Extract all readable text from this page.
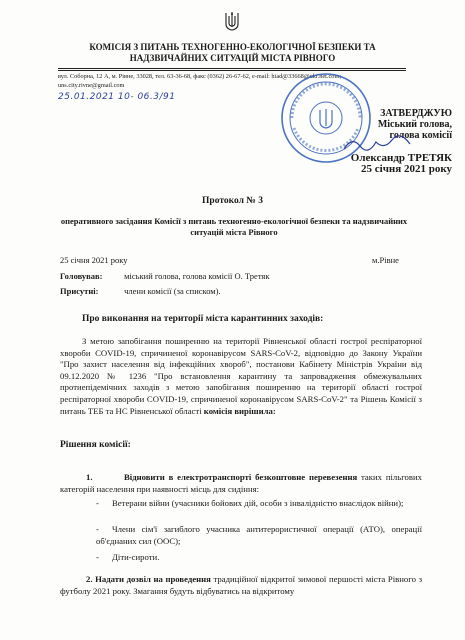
КОМІСІЯ З ПИТАНЬ ТЕХНОГЕННО-ЕКОЛОГІЧНОЇ БЕЗПЕКИ ТА НАДЗВИЧАЙНИХ СИТУАЦІЙ МІСТА РІВНОГО
вул. Соборна, 12 А, м. Рівне, 33028, тел. 63-36-68, факс (0362) 26-67-62, e-mail: hiad@33668@ukr.net.com;
uns.city.rivne@gmail.com
25.01.2021 10- 06.3/91
ЗАТВЕРДЖУЮ
Міський голова,
голова комісії
Олександр ТРЕТЯК
25 січня 2021 року
Протокол № 3
оперативного засідання Комісії з питань техногенно-екологічної безпеки та надзвичайних ситуацій міста Рівного
25 січня 2021 року	м.Рівне
Головував:	міський голова, голова комісії О. Третяк
Присутні:	члени комісії (за списком).
Про виконання на території міста карантинних заходів:
З метою запобігання поширенню на території Рівненської області гострої респіраторної хвороби COVID-19, спричиненої коронавірусом SARS-CoV-2, відповідно до Закону України "Про захист населення від інфекційних хвороб", постанови Кабінету Міністрів України від 09.12.2020 № 1236 "Про встановлення карантину та запровадження обмежувальних протиепідемічних заходів з метою запобігання поширенню на території області гострої респіраторної хвороби COVID-19, спричиненої коронавірусом SARS-CoV-2" та Рішень Комісії з питань ТЕБ та НС Рівненської області комісія вирішила:
Рішення комісії:
1.	Відновити в електротранспорті безкоштовне перевезення таких пільгових категорій населення при наявності місць для сидіння:
- Ветерани війни (учасники бойових дій, особи з інвалідністю внаслідок війни);
- Члени сім'ї загиблого учасника антитерористичної операції (АТО), операції об'єднаних сил (ООС);
- Діти-сироти.
2. Надати дозвіл на проведення традиційної відкритої зимової першості міста Рівного з футболу 2021 року. Змагання будуть відбуватись на відкритому
